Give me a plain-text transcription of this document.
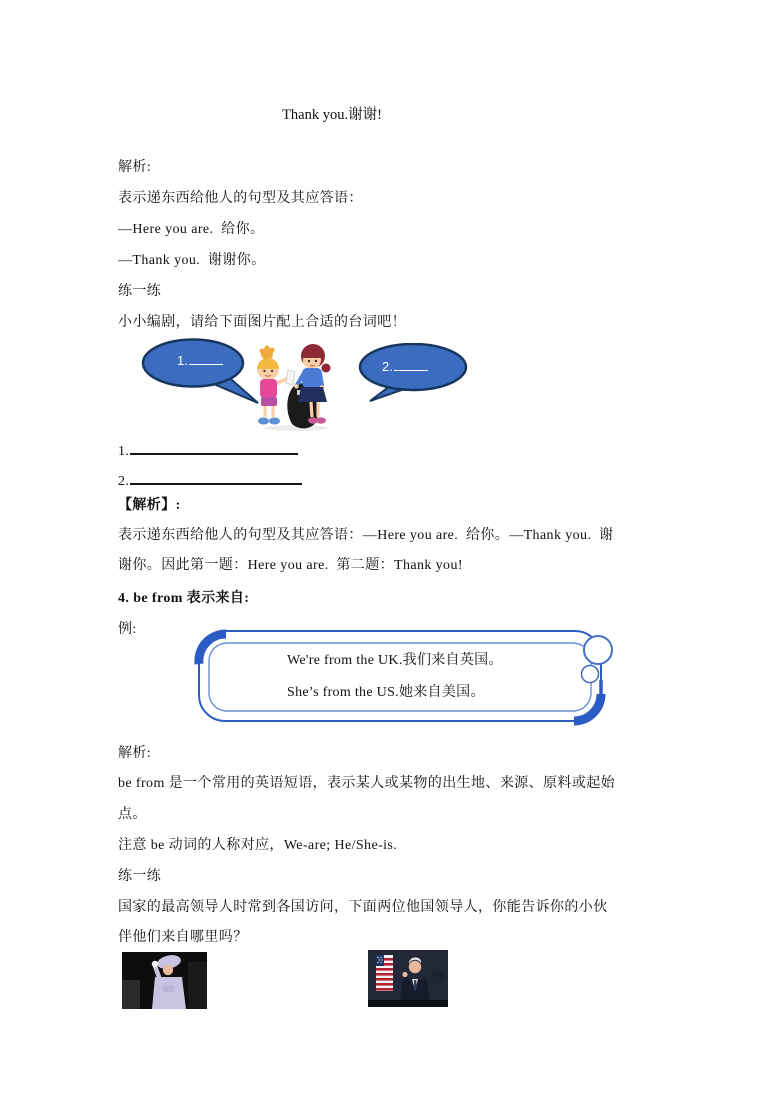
Thank you.谢谢!
解析:
表示递东西给他人的句型及其应答语：
—Here you are.  给你。
—Thank you.  谢谢你。
练一练
小小编剧，请给下面图片配上合适的台词吧！
1.	2.
1.
2.
【解析】:
表示递东西给他人的句型及其应答语：—Here you are.  给你。—Thank you.  谢
谢你。因此第一题：Here you are.  第二题：Thank you!
4. be from 表示来自:
例:
We're from the UK.我们来自英国。
She’s from the US.她来自美国。
解析:
be from 是一个常用的英语短语，表示某人或某物的出生地、来源、原料或起始
点。
注意 be 动词的人称对应，We-are; He/She-is.
练一练
国家的最高领导人时常到各国访问，下面两位他国领导人，你能告诉你的小伙
伴他们来自哪里吗？
